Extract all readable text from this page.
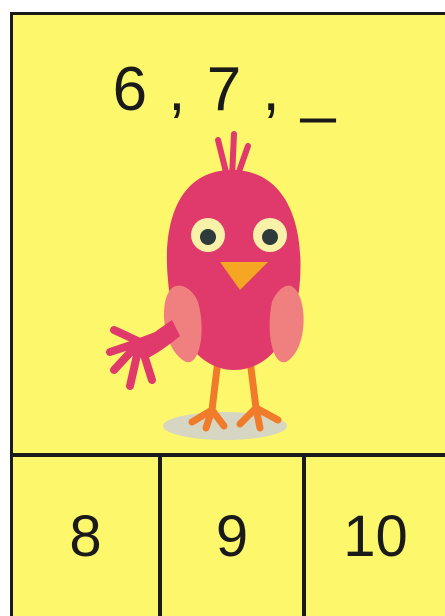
6 , 7 , _
8	9	10
